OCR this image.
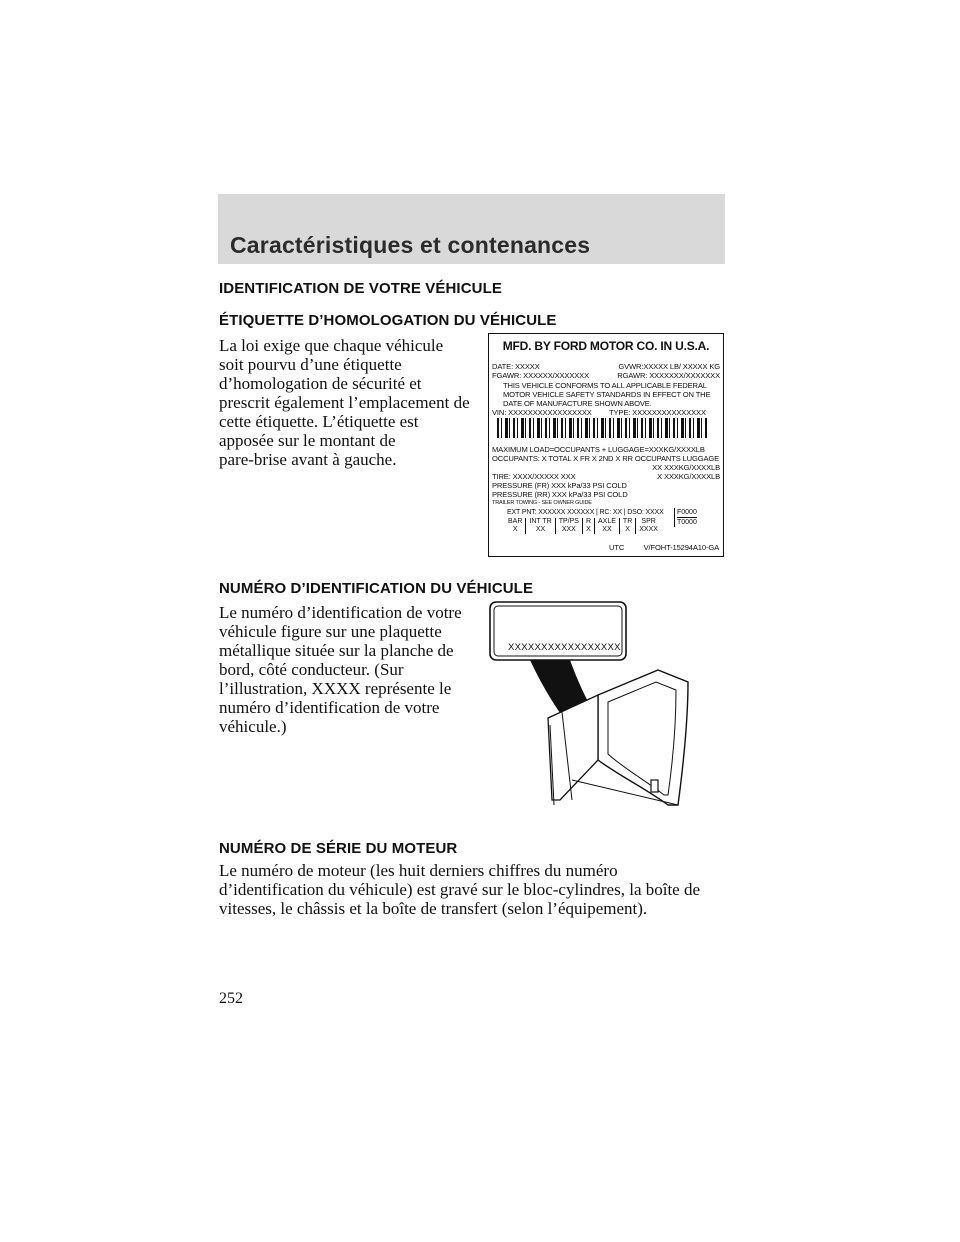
Caractéristiques et contenances
IDENTIFICATION DE VOTRE VÉHICULE
ÉTIQUETTE D’HOMOLOGATION DU VÉHICULE
La loi exige que chaque véhicule
soit pourvu d’une étiquette
d’homologation de sécurité et
prescrit également l’emplacement de
cette étiquette. L’étiquette est
apposée sur le montant de
pare-brise avant à gauche.
MFD. BY FORD MOTOR CO. IN U.S.A.
DATE: XXXXX	GVWR:XXXXX LB/ XXXXX KG
FGAWR: XXXXXX/XXXXXXX	RGAWR: XXXXXXX/XXXXXXX
THIS VEHICLE CONFORMS TO ALL APPLICABLE FEDERAL
MOTOR VEHICLE SAFETY STANDARDS IN EFFECT ON THE
DATE OF MANUFACTURE SHOWN ABOVE.
VIN: XXXXXXXXXXXXXXXXX TYPE: XXXXXXXXXXXXXXX
MAXIMUM LOAD=OCCUPANTS + LUGGAGE=XXXKG/XXXXLB
OCCUPANTS: X TOTAL X FR X 2ND X RR OCCUPANTS LUGGAGE
XX XXXKG/XXXXLB
TIRE: XXXX/XXXXX XXX	X XXXKG/XXXXLB
PRESSURE (FR) XXX kPa/33 PSI COLD
PRESSURE (RR) XXX kPa/33 PSI COLD
TRAILER TOWING - SEE OWNER GUIDE
EXT PNT: XXXXXX XXXXXX | RC: XX | DSO: XXXX
BAR	INT TR	TP/PS	R	AXLE	TR	SPR
X	XX	XXX	X	XX	X	XXXX
F0000
T0000
UTC	V/FOHT-15294A10-GA
NUMÉRO D’IDENTIFICATION DU VÉHICULE
Le numéro d’identification de votre
véhicule figure sur une plaquette
métallique située sur la planche de
bord, côté conducteur. (Sur
l’illustration, XXXX représente le
numéro d’identification de votre
véhicule.)
XXXXXXXXXXXXXXXXX
NUMÉRO DE SÉRIE DU MOTEUR
Le numéro de moteur (les huit derniers chiffres du numéro
d’identification du véhicule) est gravé sur le bloc-cylindres, la boîte de
vitesses, le châssis et la boîte de transfert (selon l’équipement).
252
